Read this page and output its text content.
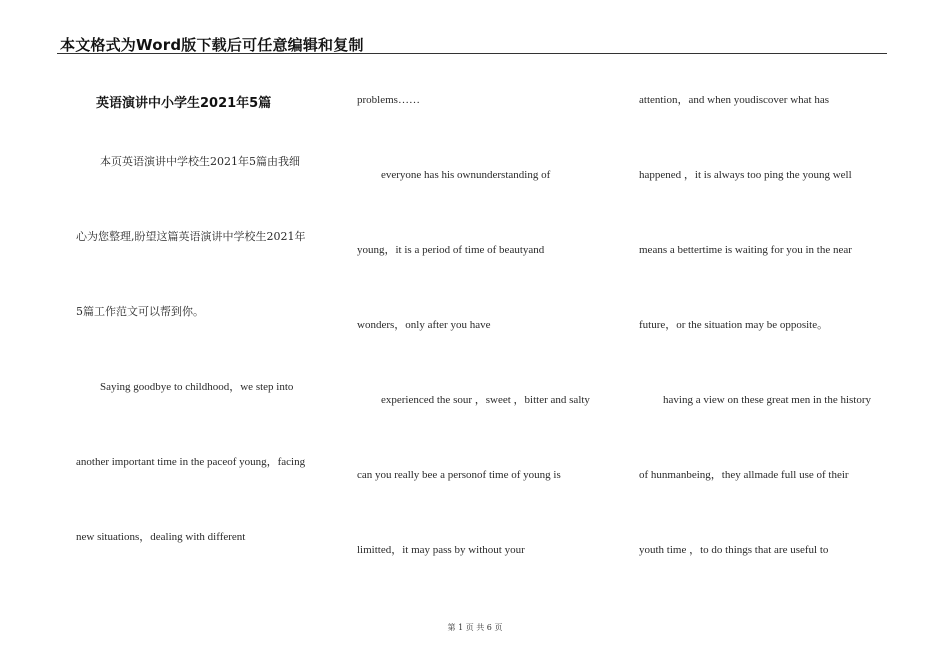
本文格式为Word版下载后可任意编辑和复制
英语演讲中小学生2021年5篇
本页英语演讲中学校生2021年5篇由我细
心为您整理,盼望这篇英语演讲中学校生2021年
5篇工作范文可以帮到你。
Saying goodbye to childhood，we step into
another important time in the paceof young，facing
new situations，dealing with different
problems……
everyone has his ownunderstanding of
young，it is a period of time of beautyand
wonders，only after you have
experienced the sour ，sweet ，bitter and salty
can you really bee a personof time of young is
limitted，it may pass by without your
attention，and when youdiscover what has
happened ，it is always too ping the young well
means a bettertime is waiting for you in the near
future，or the situation may be opposite。
having a view on these great men in the history
of hunmanbeing，they allmade full use of their
youth time ，to do things that are useful to
第 1 页 共 6 页
